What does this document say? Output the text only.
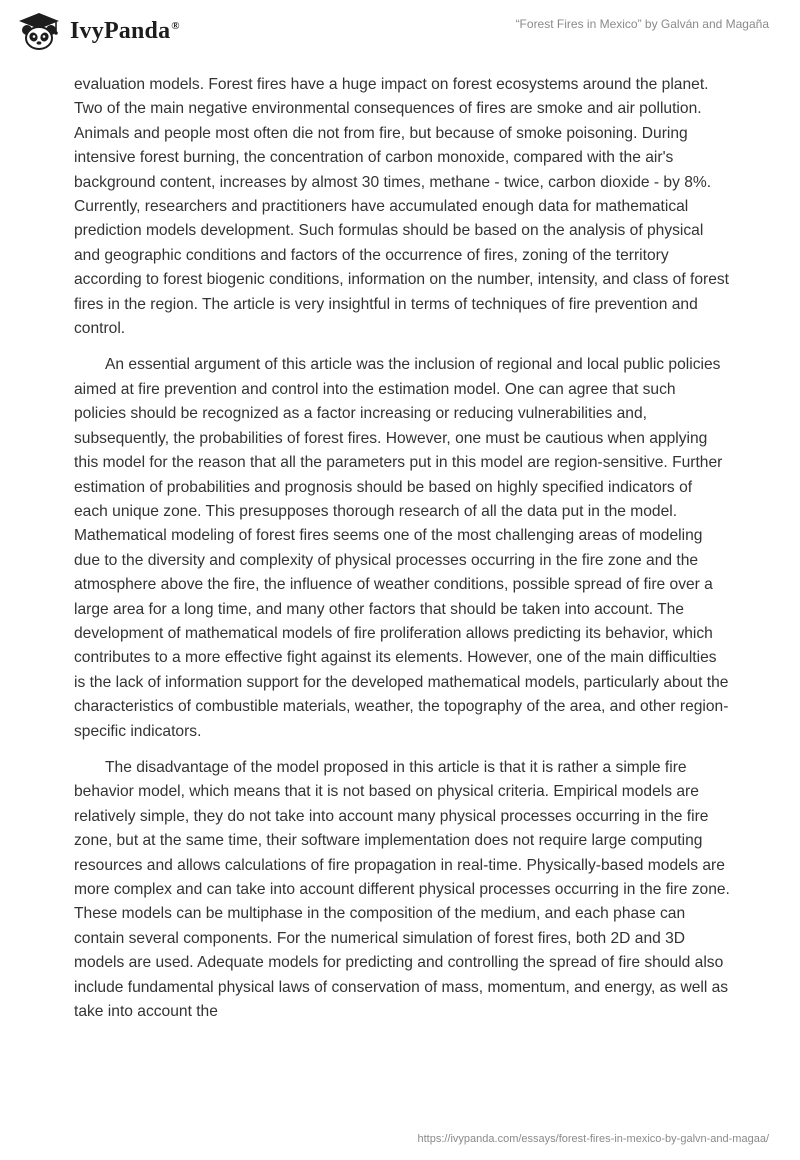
IvyPanda®	“Forest Fires in Mexico” by Galván and Magaña

evaluation models. Forest fires have a huge impact on forest ecosystems around the planet. Two of the main negative environmental consequences of fires are smoke and air pollution. Animals and people most often die not from fire, but because of smoke poisoning. During intensive forest burning, the concentration of carbon monoxide, compared with the air's background content, increases by almost 30 times, methane - twice, carbon dioxide - by 8%. Currently, researchers and practitioners have accumulated enough data for mathematical prediction models development. Such formulas should be based on the analysis of physical and geographic conditions and factors of the occurrence of fires, zoning of the territory according to forest biogenic conditions, information on the number, intensity, and class of forest fires in the region. The article is very insightful in terms of techniques of fire prevention and control.

An essential argument of this article was the inclusion of regional and local public policies aimed at fire prevention and control into the estimation model. One can agree that such policies should be recognized as a factor increasing or reducing vulnerabilities and, subsequently, the probabilities of forest fires. However, one must be cautious when applying this model for the reason that all the parameters put in this model are region-sensitive. Further estimation of probabilities and prognosis should be based on highly specified indicators of each unique zone. This presupposes thorough research of all the data put in the model. Mathematical modeling of forest fires seems one of the most challenging areas of modeling due to the diversity and complexity of physical processes occurring in the fire zone and the atmosphere above the fire, the influence of weather conditions, possible spread of fire over a large area for a long time, and many other factors that should be taken into account. The development of mathematical models of fire proliferation allows predicting its behavior, which contributes to a more effective fight against its elements. However, one of the main difficulties is the lack of information support for the developed mathematical models, particularly about the characteristics of combustible materials, weather, the topography of the area, and other region-specific indicators.

The disadvantage of the model proposed in this article is that it is rather a simple fire behavior model, which means that it is not based on physical criteria. Empirical models are relatively simple, they do not take into account many physical processes occurring in the fire zone, but at the same time, their software implementation does not require large computing resources and allows calculations of fire propagation in real-time. Physically-based models are more complex and can take into account different physical processes occurring in the fire zone. These models can be multiphase in the composition of the medium, and each phase can contain several components. For the numerical simulation of forest fires, both 2D and 3D models are used. Adequate models for predicting and controlling the spread of fire should also include fundamental physical laws of conservation of mass, momentum, and energy, as well as take into account the

https://ivypanda.com/essays/forest-fires-in-mexico-by-galvn-and-magaa/
